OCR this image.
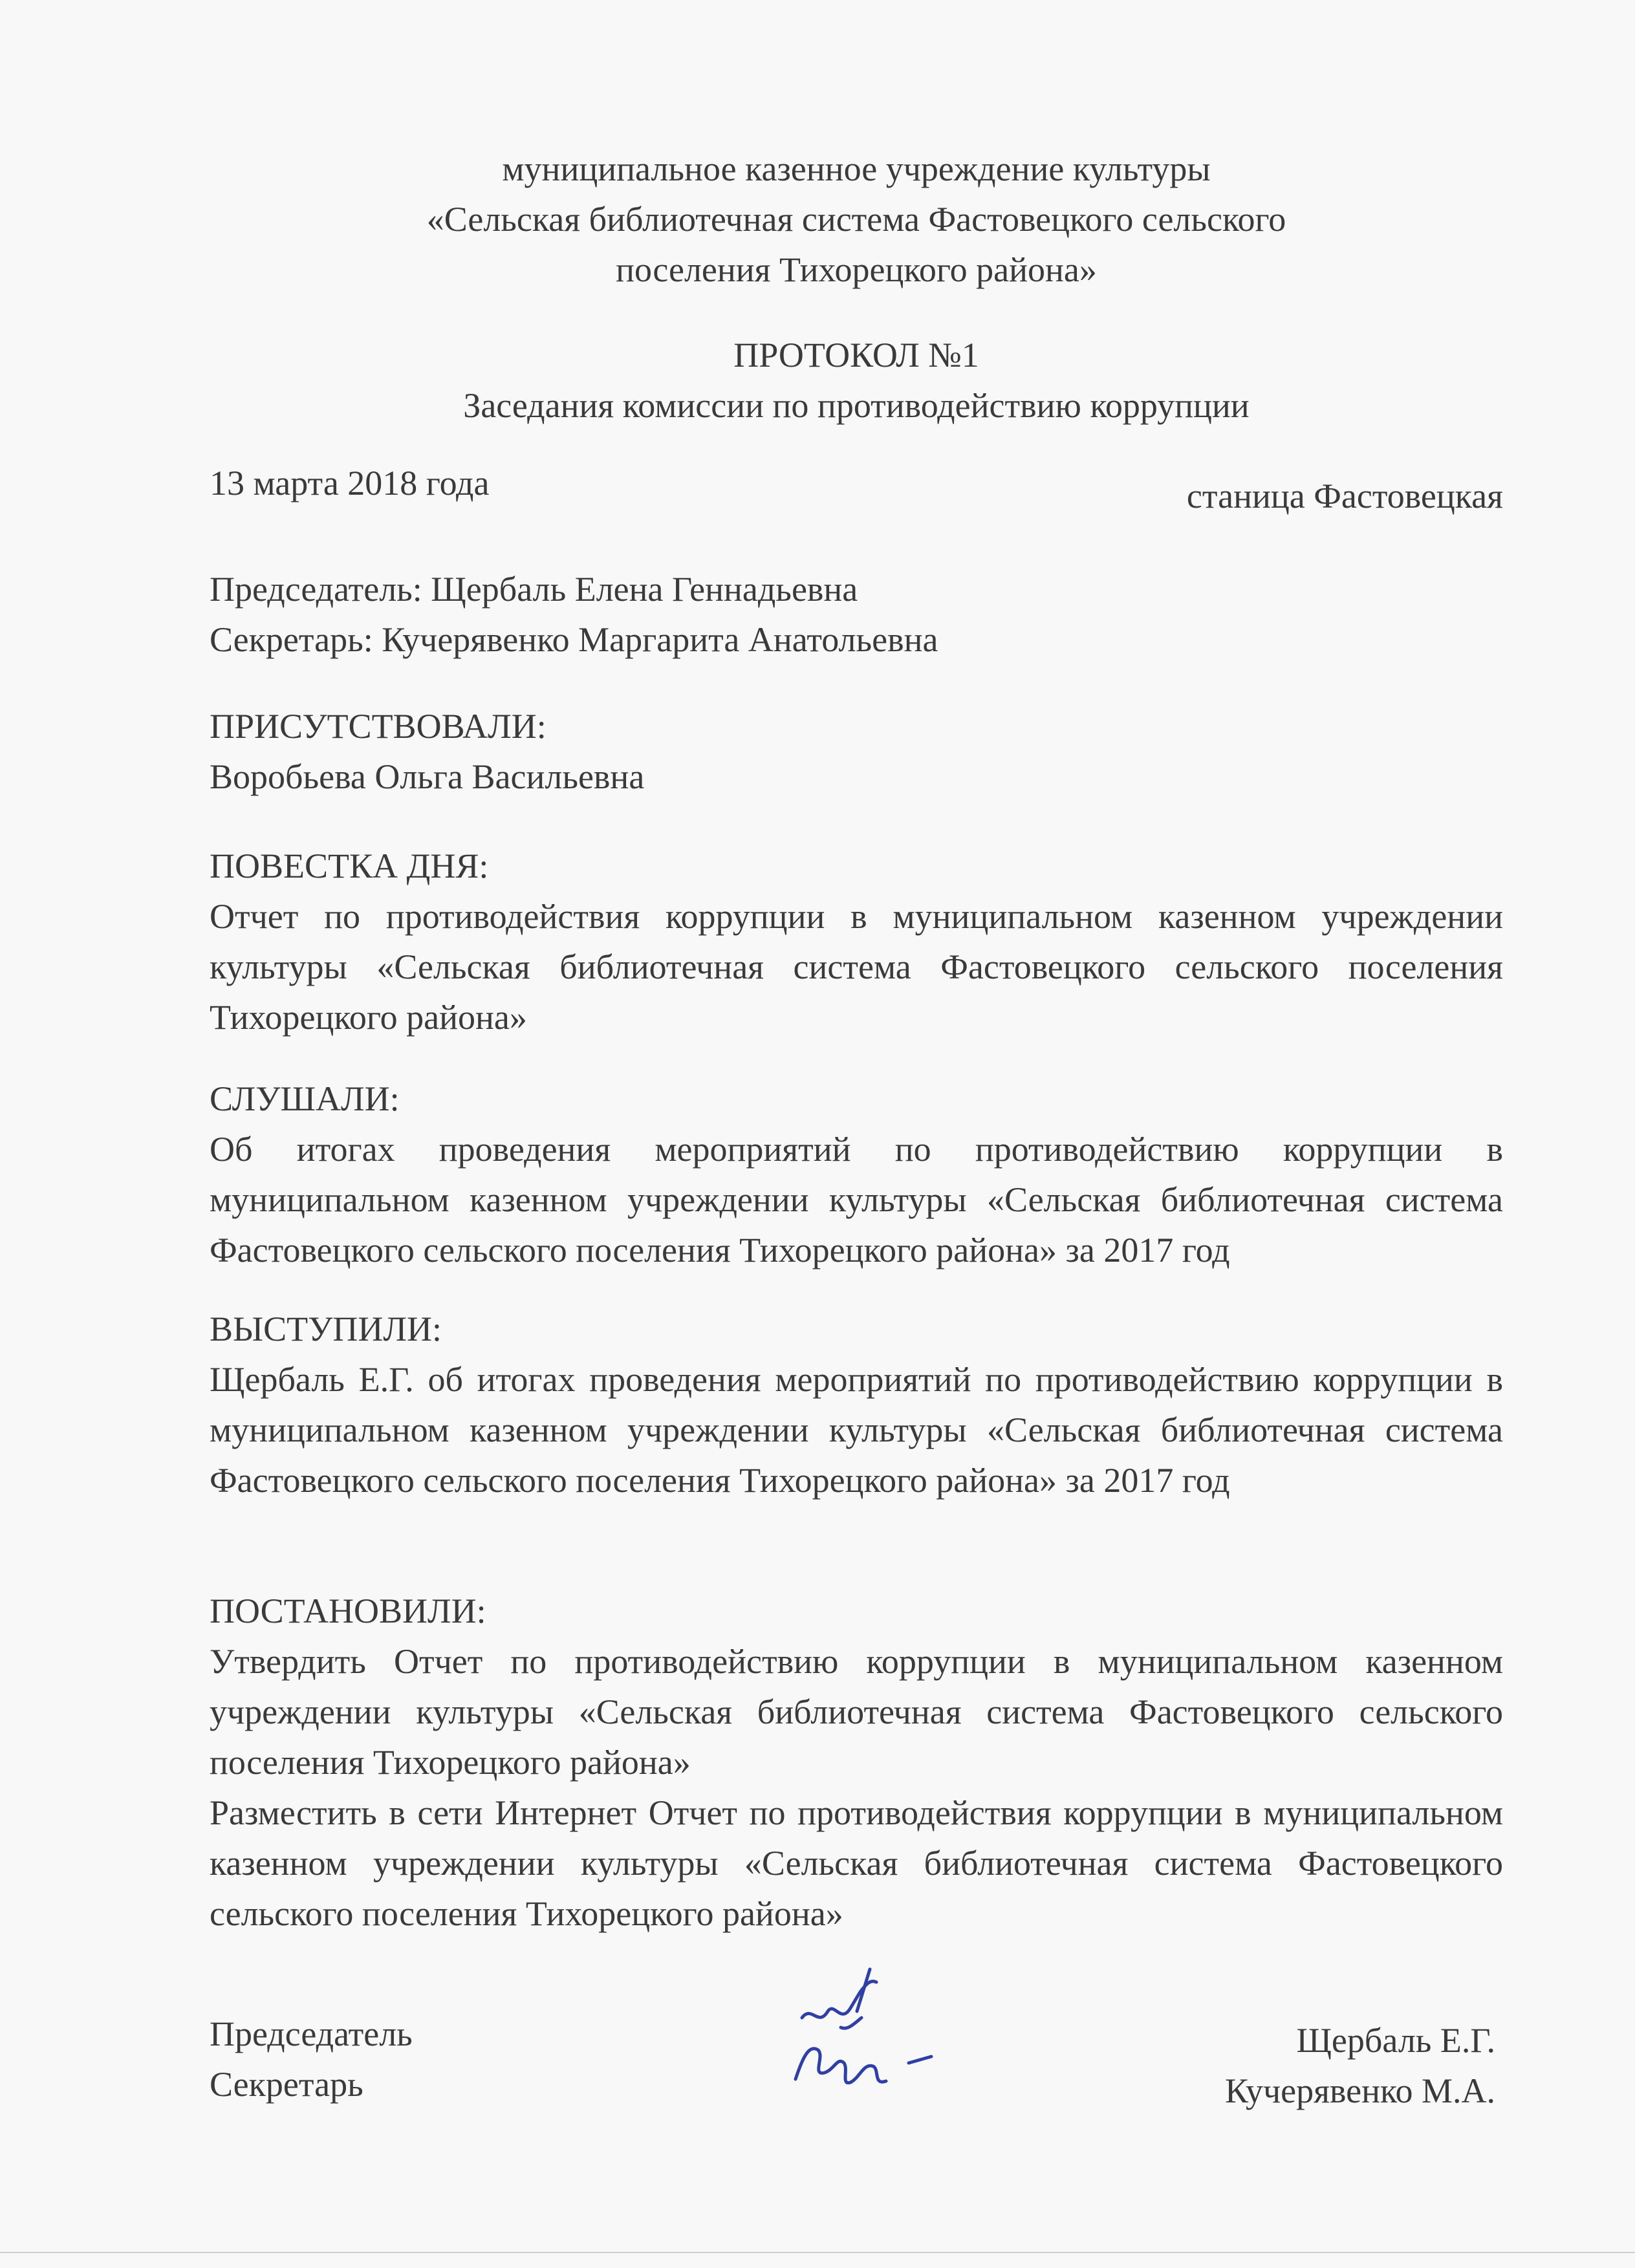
муниципальное казенное учреждение культуры
«Сельская библиотечная система Фастовецкого сельского
поселения Тихорецкого района»
ПРОТОКОЛ №1
Заседания комиссии по противодействию коррупции
13 марта 2018 года	станица Фастовецкая
Председатель: Щербаль Елена Геннадьевна
Секретарь: Кучерявенко Маргарита Анатольевна
ПРИСУТСТВОВАЛИ:
Воробьева Ольга Васильевна
ПОВЕСТКА ДНЯ:

Отчет по противодействия коррупции в муниципальном казенном учреждении культуры «Сельская библиотечная система Фастовецкого сельского поселения Тихорецкого района»

СЛУШАЛИ:

Об итогах проведения мероприятий по противодействию коррупции в муниципальном казенном учреждении культуры «Сельская библиотечная система Фастовецкого сельского поселения Тихорецкого района» за 2017 год

ВЫСТУПИЛИ:

Щербаль Е.Г. об итогах проведения мероприятий по противодействию коррупции в муниципальном казенном учреждении культуры «Сельская библиотечная система Фастовецкого сельского поселения Тихорецкого района» за 2017 год

ПОСТАНОВИЛИ:

Утвердить Отчет по противодействию коррупции в муниципальном казенном учреждении культуры «Сельская библиотечная система Фастовецкого сельского поселения Тихорецкого района»

Разместить в сети Интернет Отчет по противодействия коррупции в муниципальном казенном учреждении культуры «Сельская библиотечная система Фастовецкого сельского поселения Тихорецкого района»

Председатель
Секретарь
Щербаль Е.Г.
Кучерявенко М.А.
